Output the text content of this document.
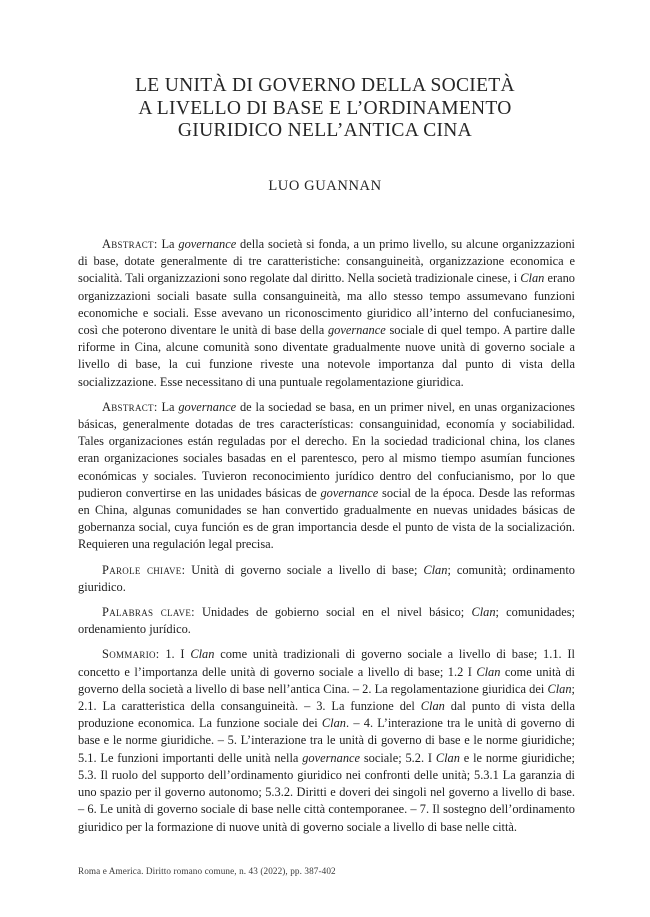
LE UNITÀ DI GOVERNO DELLA SOCIETÀ
A LIVELLO DI BASE E L’ORDINAMENTO
GIURIDICO NELL’ANTICA CINA
LUO GUANNAN

Abstract: La governance della società si fonda, a un primo livello, su alcune organizzazioni di base, dotate generalmente di tre caratteristiche: consanguineità, organizzazione economica e socialità. Tali organizzazioni sono regolate dal diritto. Nella società tradizionale cinese, i Clan erano organizzazioni sociali basate sulla consanguineità, ma allo stesso tempo assumevano funzioni economiche e sociali. Esse avevano un riconoscimento giuridico all’interno del confucianesimo, così che poterono diventare le unità di base della governance sociale di quel tempo. A partire dalle riforme in Cina, alcune comunità sono diventate gradualmente nuove unità di governo sociale a livello di base, la cui funzione riveste una notevole importanza dal punto di vista della socializzazione. Esse necessitano di una puntuale regolamentazione giuridica.

Abstract: La governance de la sociedad se basa, en un primer nivel, en unas organizaciones básicas, generalmente dotadas de tres características: consanguinidad, economía y sociabilidad. Tales organizaciones están reguladas por el derecho. En la sociedad tradicional china, los clanes eran organizaciones sociales basadas en el parentesco, pero al mismo tiempo asumían funciones económicas y sociales. Tuvieron reconocimiento jurídico dentro del confucianismo, por lo que pudieron convertirse en las unidades básicas de governance social de la época. Desde las reformas en China, algunas comunidades se han convertido gradualmente en nuevas unidades básicas de gobernanza social, cuya función es de gran importancia desde el punto de vista de la socialización. Requieren una regulación legal precisa.

Parole chiave: Unità di governo sociale a livello di base; Clan; comunità; ordinamento giuridico.

Palabras clave: Unidades de gobierno social en el nivel básico; Clan; comunidades; ordenamiento jurídico.

Sommario: 1. I Clan come unità tradizionali di governo sociale a livello di base; 1.1. Il concetto e l’importanza delle unità di governo sociale a livello di base; 1.2 I Clan come unità di governo della società a livello di base nell’antica Cina. – 2. La regolamentazione giuridica dei Clan; 2.1. La caratteristica della consanguineità. – 3. La funzione del Clan dal punto di vista della produzione economica. La funzione sociale dei Clan. – 4. L’interazione tra le unità di governo di base e le norme giuridiche. – 5. L’interazione tra le unità di governo di base e le norme giuridiche; 5.1. Le funzioni importanti delle unità nella governance sociale; 5.2. I Clan e le norme giuridiche; 5.3. Il ruolo del supporto dell’ordinamento giuridico nei confronti delle unità; 5.3.1 La garanzia di uno spazio per il governo autonomo; 5.3.2. Diritti e doveri dei singoli nel governo a livello di base. – 6. Le unità di governo sociale di base nelle città contemporanee. – 7. Il sostegno dell’ordinamento giuridico per la formazione di nuove unità di governo sociale a livello di base nelle città.

Roma e America. Diritto romano comune, n. 43 (2022), pp. 387-402
